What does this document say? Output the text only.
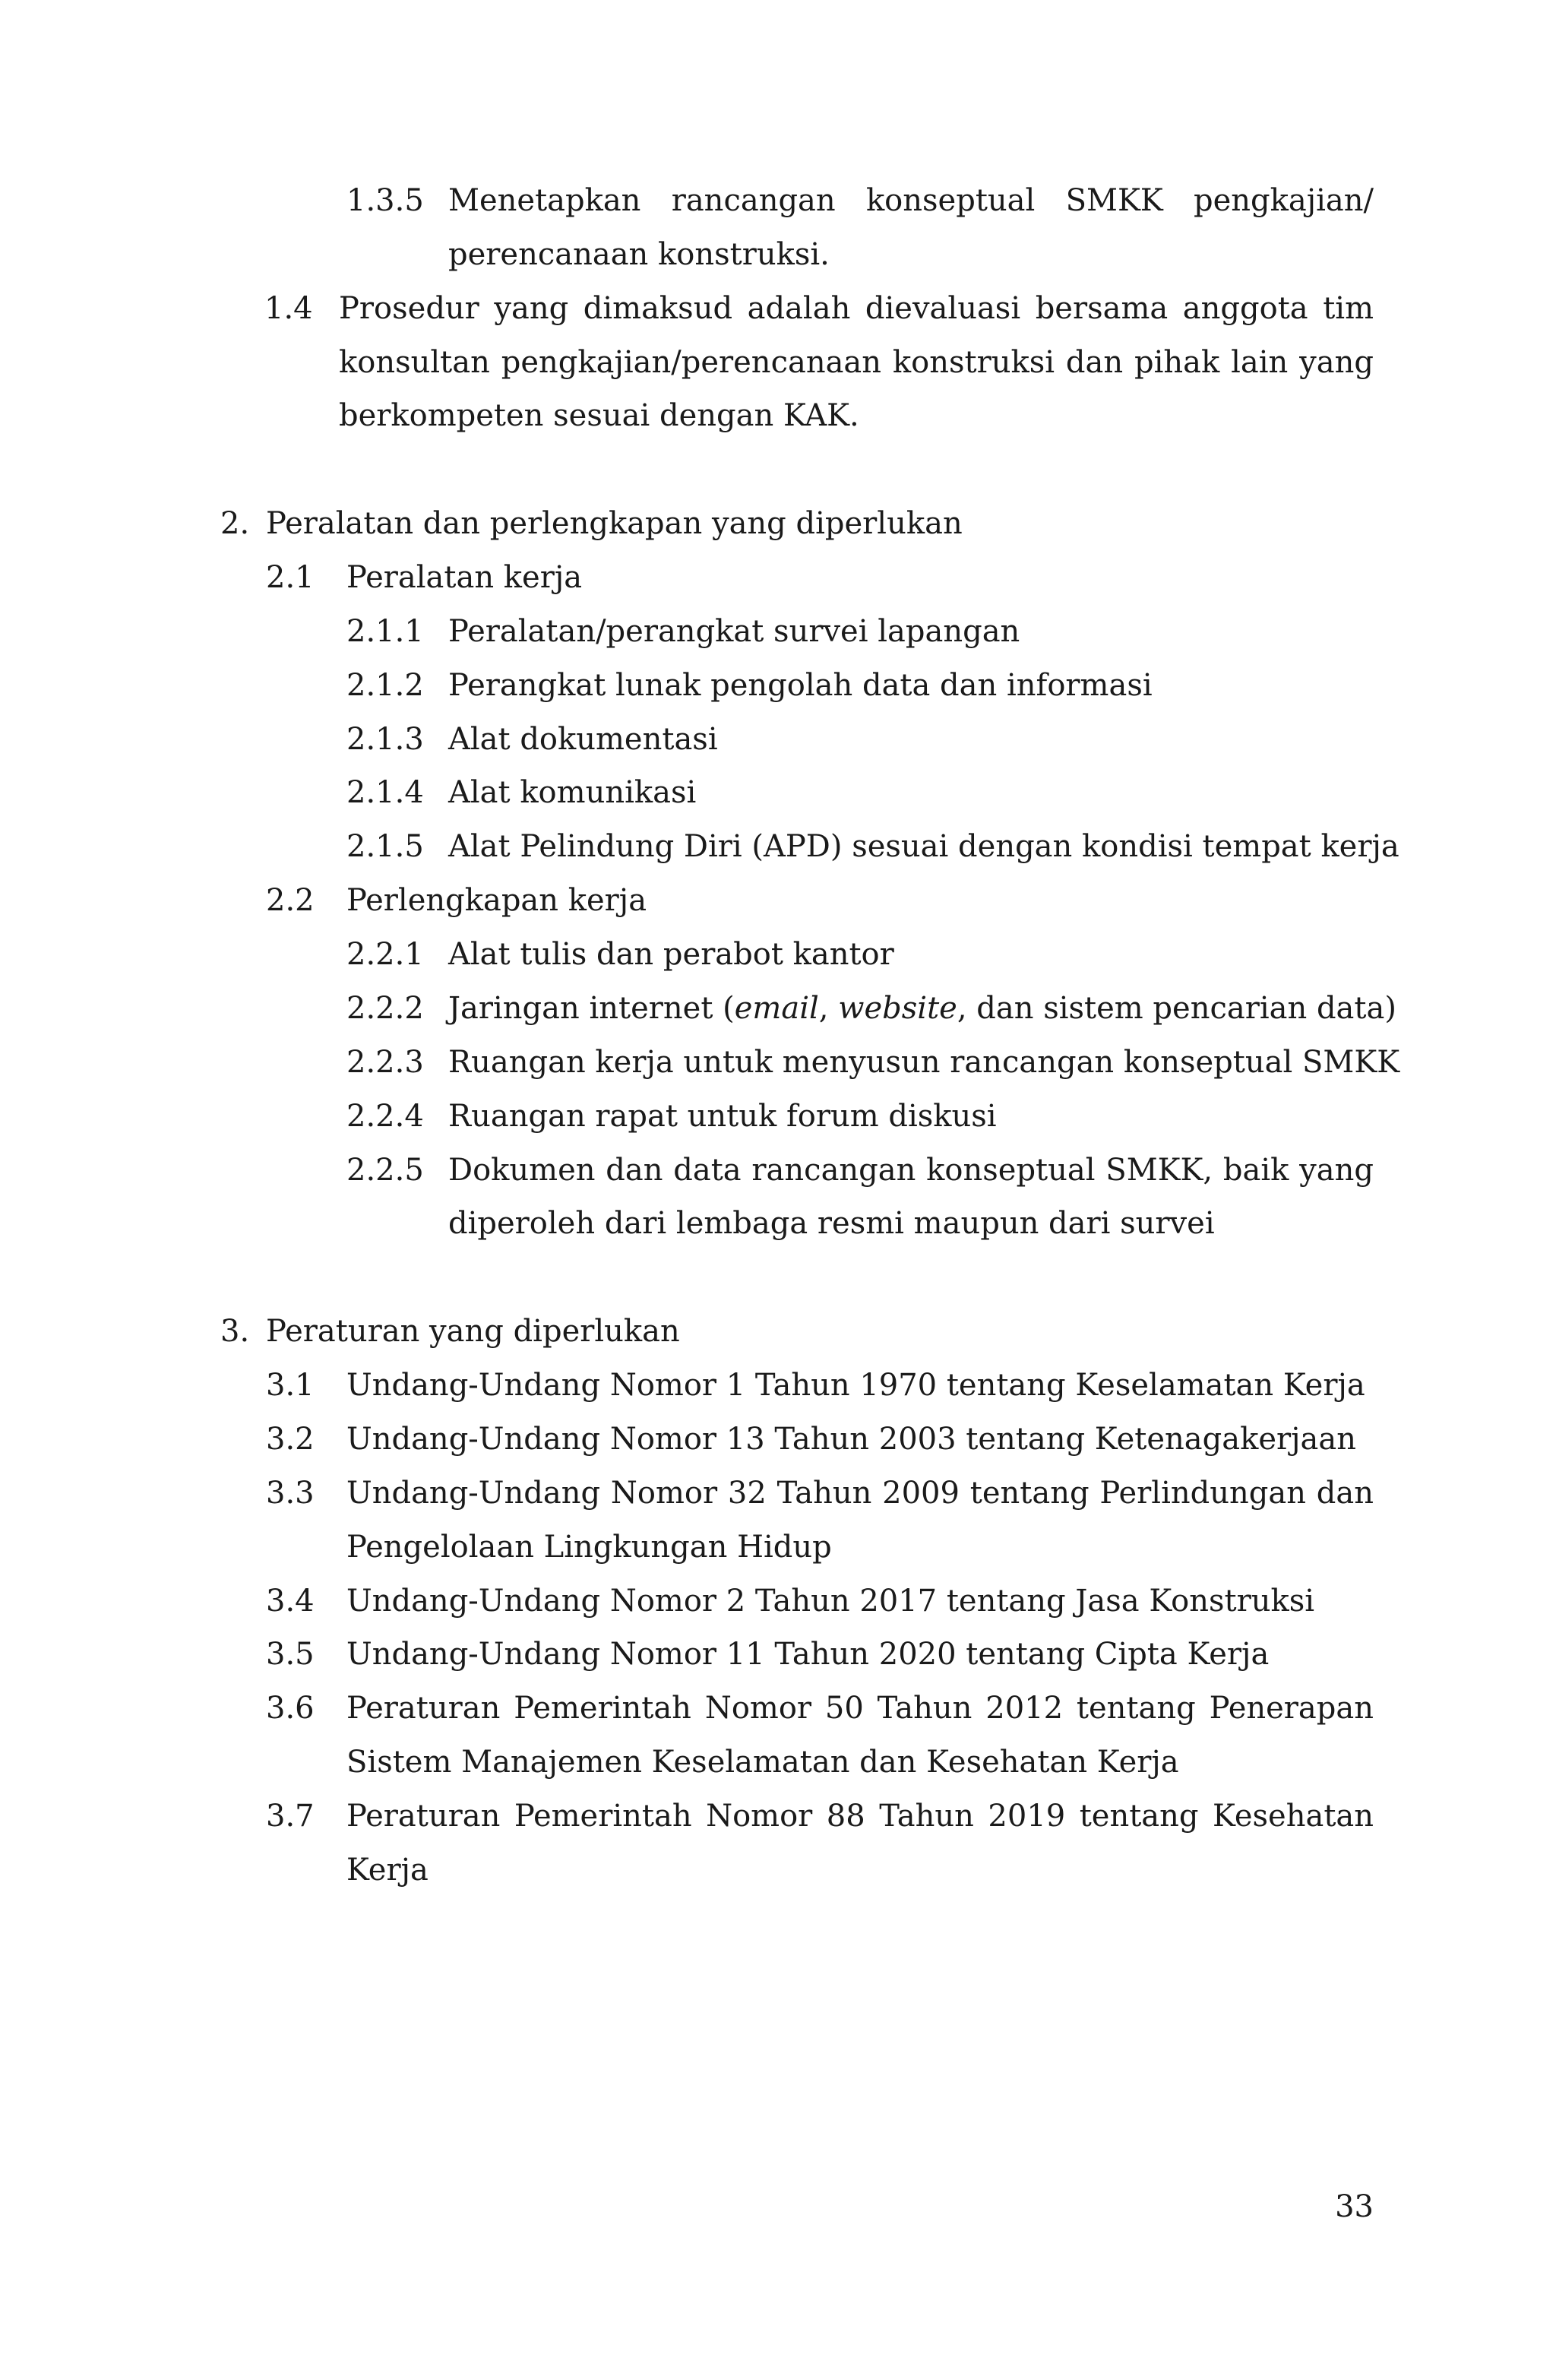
1.3.5 Menetapkan rancangan konseptual SMKK pengkajian/
perencanaan konstruksi.
1.4 Prosedur yang dimaksud adalah dievaluasi bersama anggota tim
konsultan pengkajian/perencanaan konstruksi dan pihak lain yang
berkompeten sesuai dengan KAK.
2. Peralatan dan perlengkapan yang diperlukan
2.1 Peralatan kerja
2.1.1 Peralatan/perangkat survei lapangan
2.1.2 Perangkat lunak pengolah data dan informasi
2.1.3 Alat dokumentasi
2.1.4 Alat komunikasi
2.1.5 Alat Pelindung Diri (APD) sesuai dengan kondisi tempat kerja
2.2 Perlengkapan kerja
2.2.1 Alat tulis dan perabot kantor
2.2.2 Jaringan internet (email, website, dan sistem pencarian data)
2.2.3 Ruangan kerja untuk menyusun rancangan konseptual SMKK
2.2.4 Ruangan rapat untuk forum diskusi
2.2.5 Dokumen dan data rancangan konseptual SMKK, baik yang
diperoleh dari lembaga resmi maupun dari survei
3. Peraturan yang diperlukan
3.1 Undang-Undang Nomor 1 Tahun 1970 tentang Keselamatan Kerja
3.2 Undang-Undang Nomor 13 Tahun 2003 tentang Ketenagakerjaan
3.3 Undang-Undang Nomor 32 Tahun 2009 tentang Perlindungan dan
Pengelolaan Lingkungan Hidup
3.4 Undang-Undang Nomor 2 Tahun 2017 tentang Jasa Konstruksi
3.5 Undang-Undang Nomor 11 Tahun 2020 tentang Cipta Kerja
3.6 Peraturan Pemerintah Nomor 50 Tahun 2012 tentang Penerapan
Sistem Manajemen Keselamatan dan Kesehatan Kerja
3.7 Peraturan Pemerintah Nomor 88 Tahun 2019 tentang Kesehatan
Kerja
33
